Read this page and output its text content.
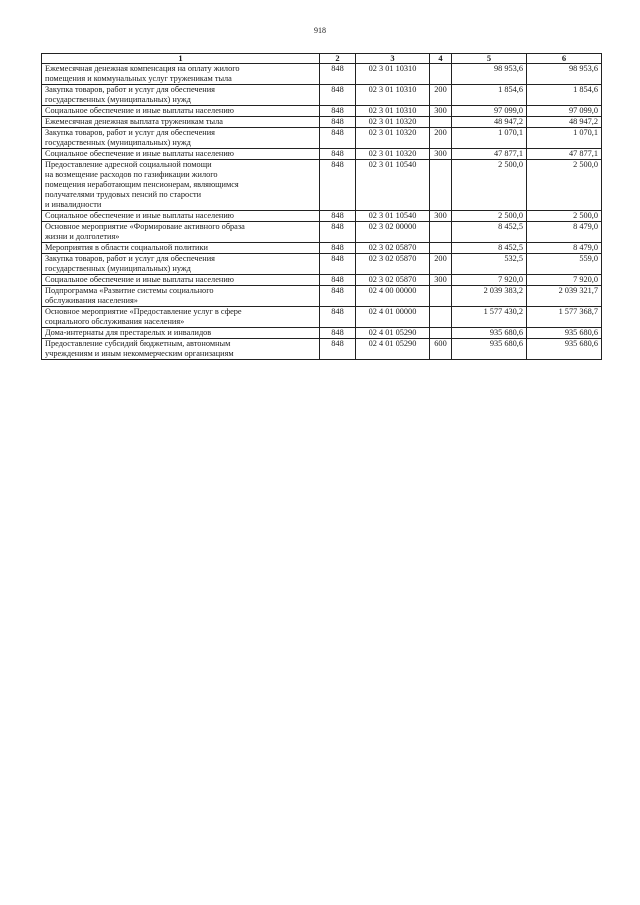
918
1	2	3	4	5	6
Ежемесячная денежная компенсация на оплату жилого
помещения и коммунальных услуг труженикам тыла	848	02 3 01 10310		98 953,6	98 953,6
Закупка товаров, работ и услуг для обеспечения
государственных (муниципальных) нужд	848	02 3 01 10310	200	1 854,6	1 854,6
Социальное обеспечение и иные выплаты населению	848	02 3 01 10310	300	97 099,0	97 099,0
Ежемесячная денежная выплата труженикам тыла	848	02 3 01 10320		48 947,2	48 947,2
Закупка товаров, работ и услуг для обеспечения
государственных (муниципальных) нужд	848	02 3 01 10320	200	1 070,1	1 070,1
Социальное обеспечение и иные выплаты населению	848	02 3 01 10320	300	47 877,1	47 877,1
Предоставление адресной социальной помощи
на возмещение расходов по газификации жилого
помещения неработающим пенсионерам, являющимся
получателями трудовых пенсий по старости
и инвалидности	848	02 3 01 10540		2 500,0	2 500,0
Социальное обеспечение и иные выплаты населению	848	02 3 01 10540	300	2 500,0	2 500,0
Основное мероприятие «Формироваие активного образа
жизни и долголетия»	848	02 3 02 00000		8 452,5	8 479,0
Мероприятия в области социальной политики	848	02 3 02 05870		8 452,5	8 479,0
Закупка товаров, работ и услуг для обеспечения
государственных (муниципальных) нужд	848	02 3 02 05870	200	532,5	559,0
Социальное обеспечение и иные выплаты населению	848	02 3 02 05870	300	7 920,0	7 920,0
Подпрограмма «Развитие системы социального
обслуживания населения»	848	02 4 00 00000		2 039 383,2	2 039 321,7
Основное мероприятие «Предоставление услуг в сфере
социального обслуживания населения»	848	02 4 01 00000		1 577 430,2	1 577 368,7
Дома-интернаты для престарелых и инвалидов	848	02 4 01 05290		935 680,6	935 680,6
Предоставление субсидий бюджетным, автономным
учреждениям и иным некоммерческим организациям	848	02 4 01 05290	600	935 680,6	935 680,6
